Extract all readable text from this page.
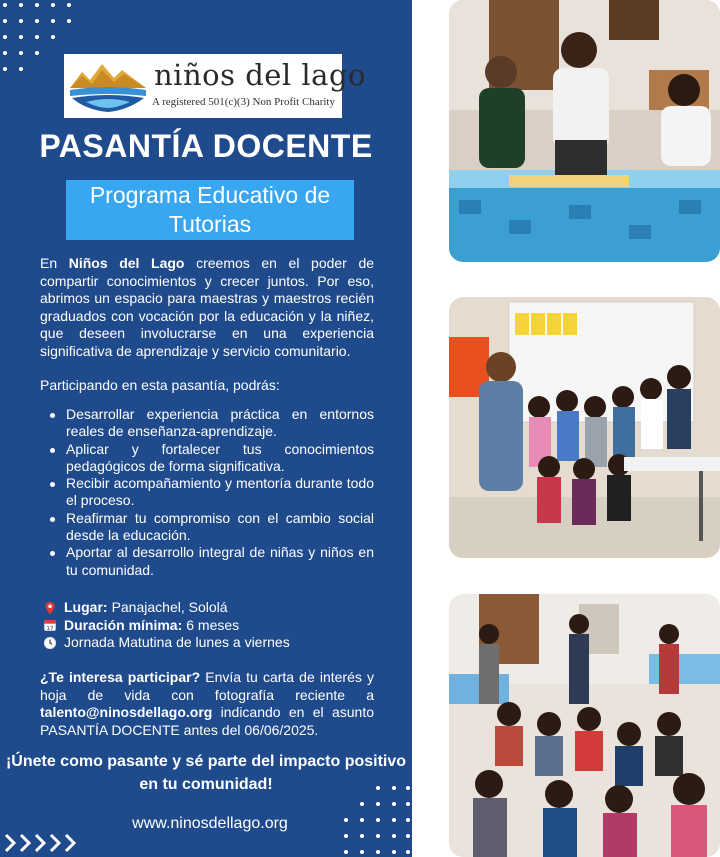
niños del lago
A registered 501(c)(3) Non Profit Charity
PASANTÍA DOCENTE
Programa Educativo de Tutorias

En Niños del Lago creemos en el poder de compartir conocimientos y crecer juntos. Por eso, abrimos un espacio para maestras y maestros recién graduados con vocación por la educación y la niñez, que deseen involucrarse en una experiencia significativa de aprendizaje y servicio comunitario.

Participando en esta pasantía, podrás:

Desarrollar experiencia práctica en entornos reales de enseñanza-aprendizaje.
Aplicar y fortalecer tus conocimientos pedagógicos de forma significativa.
Recibir acompañamiento y mentoría durante todo el proceso.
Reafirmar tu compromiso con el cambio social desde la educación.
Aportar al desarrollo integral de niñas y niños en tu comunidad.
Lugar: Panajachel, Sololá
17 Duración mínima: 6 meses
Jornada Matutina de lunes a viernes

¿Te interesa participar? Envía tu carta de interés y hoja de vida con fotografía reciente a talento@ninosdellago.org indicando en el asunto PASANTÍA DOCENTE antes del 06/06/2025.

¡Únete como pasante y sé parte del impacto positivo en tu comunidad!
www.ninosdellago.org
